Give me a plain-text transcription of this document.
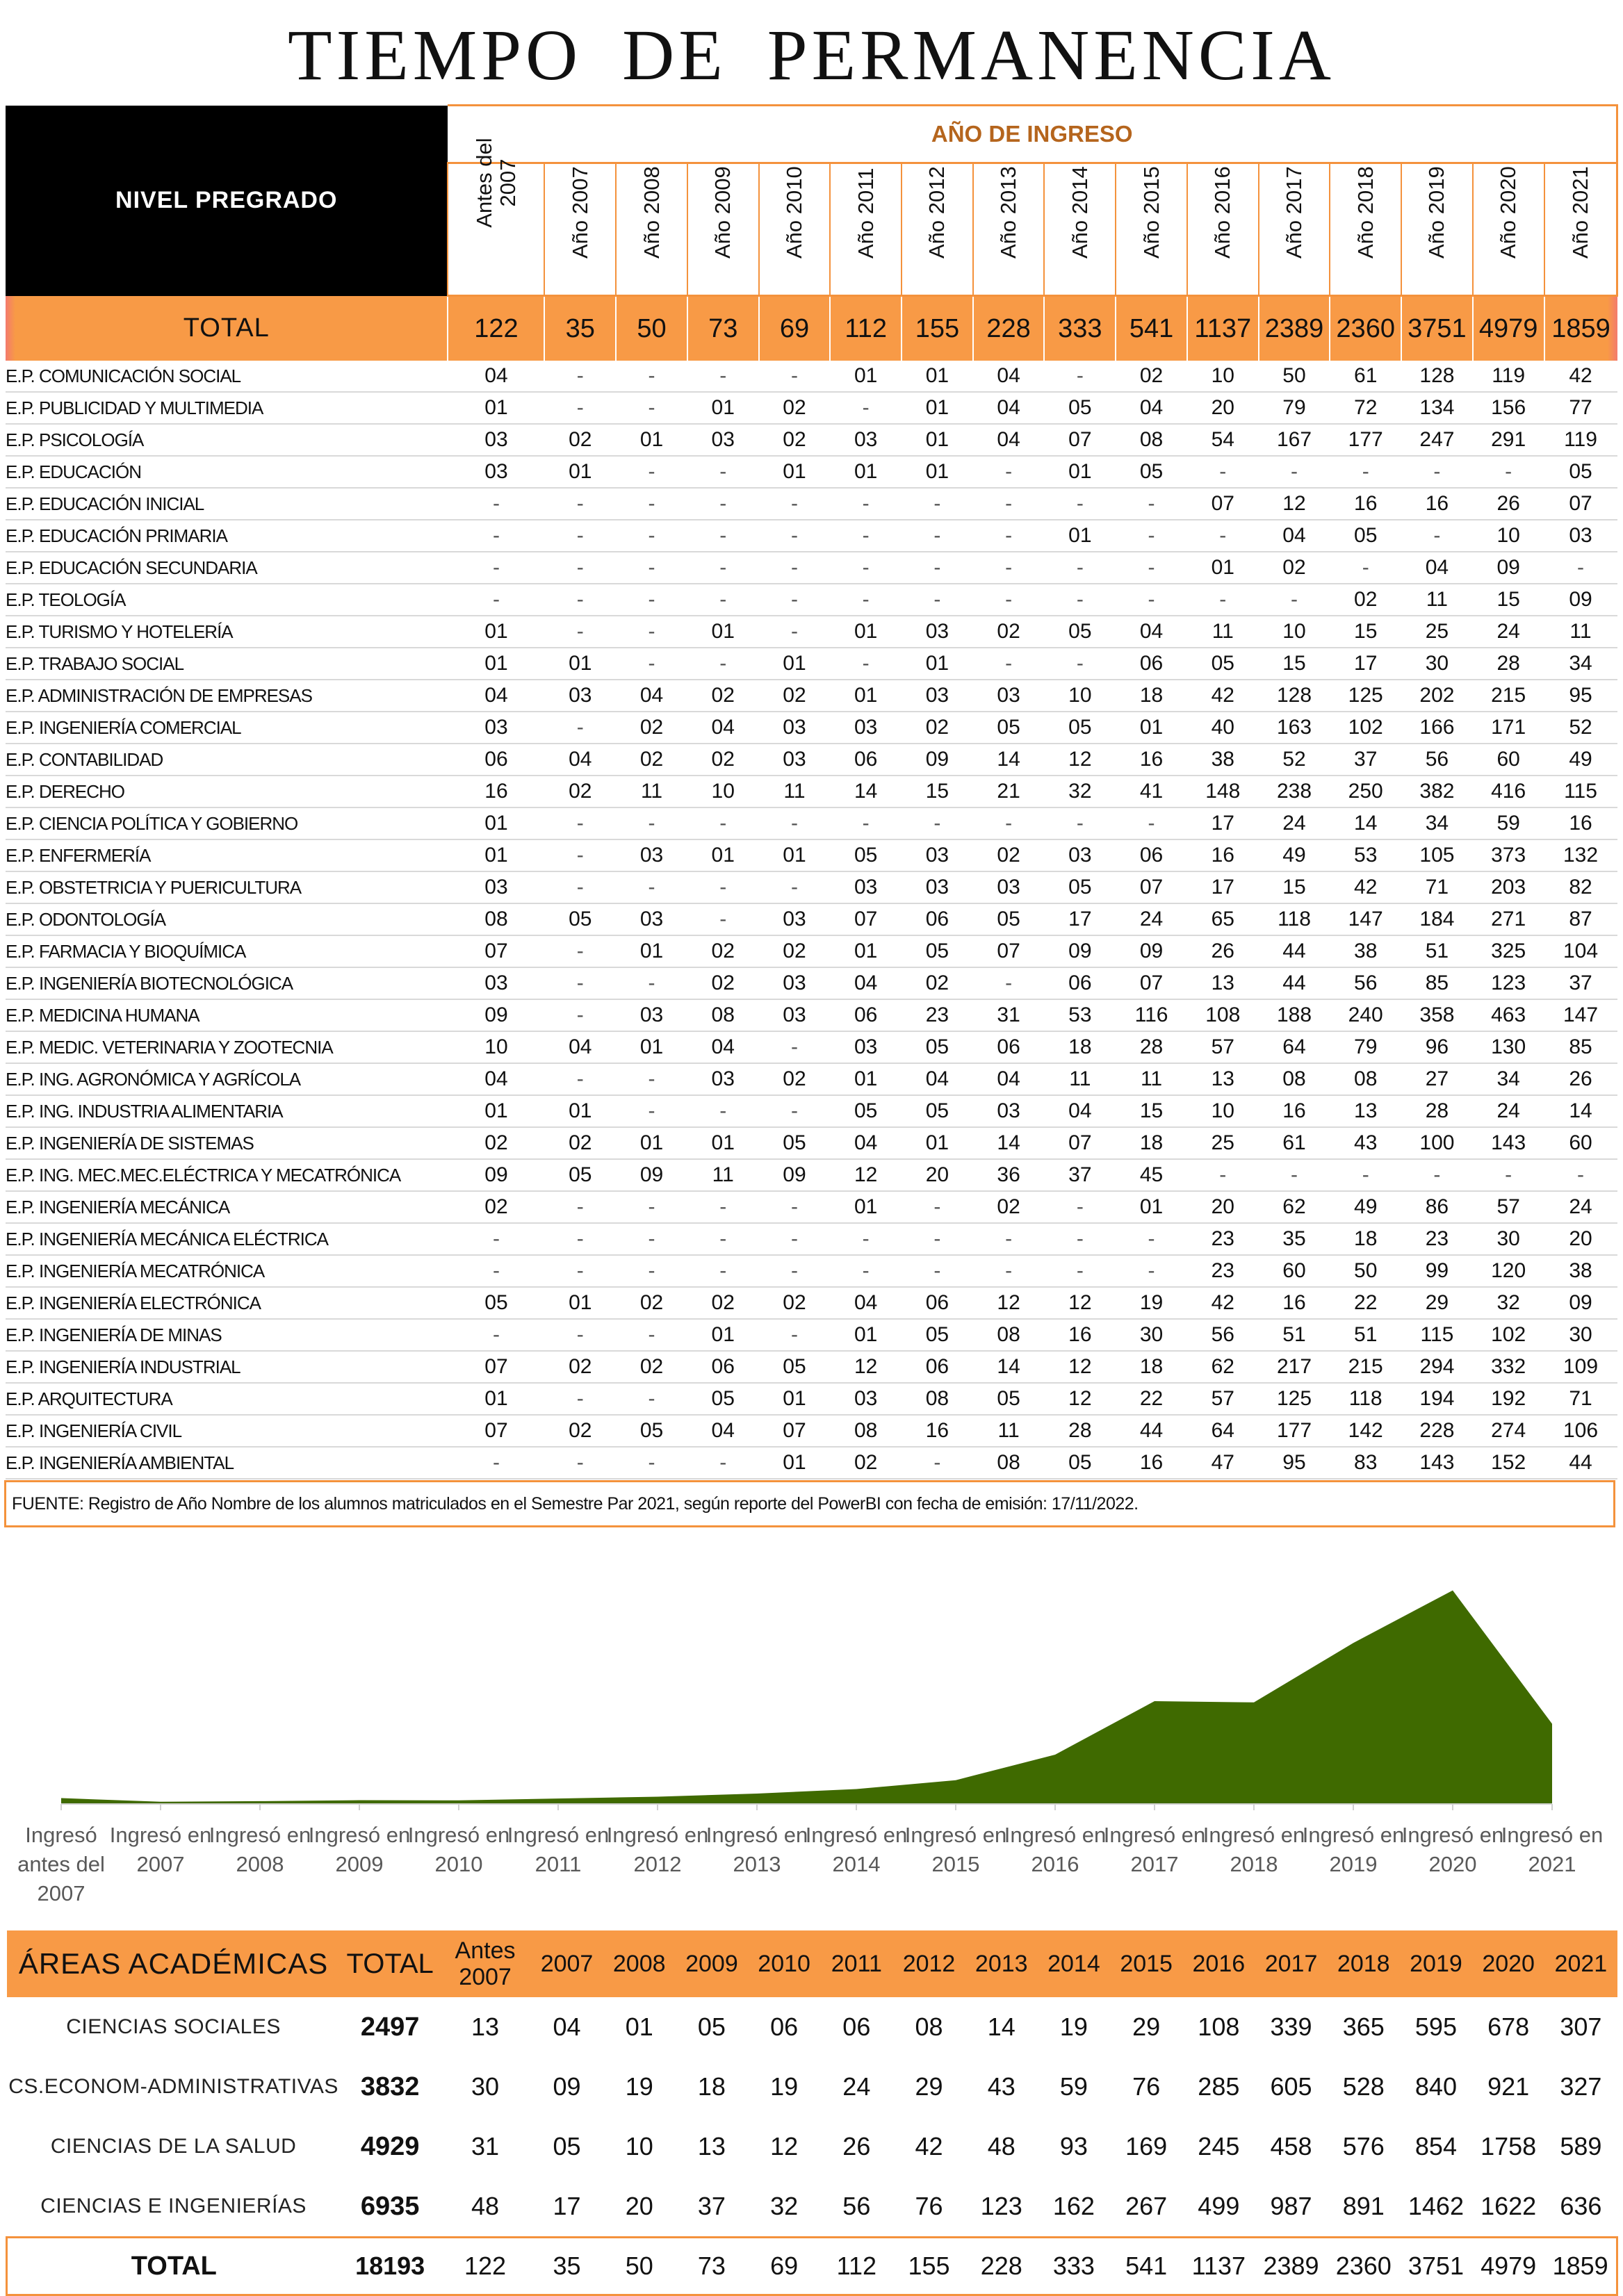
TIEMPO DE PERMANENCIA
NIVEL PREGRADO	AÑO DE INGRESO															

	Antes del 2007	Año 2007	Año 2008	Año 2009	Año 2010	Año 2011	Año 2012	Año 2013	Año 2014	Año 2015	Año 2016	Año 2017	Año 2018	Año 2019	Año 2020	Año 2021

TOTAL	122	35	50	73	69	112	155	228	333	541	1137	2389	2360	3751	4979	1859
E.P. COMUNICACIÓN SOCIAL	04	-	-	-	-	01	01	04	-	02	10	50	61	128	119	42
E.P. PUBLICIDAD Y MULTIMEDIA	01	-	-	01	02	-	01	04	05	04	20	79	72	134	156	77
E.P. PSICOLOGÍA	03	02	01	03	02	03	01	04	07	08	54	167	177	247	291	119
E.P. EDUCACIÓN	03	01	-	-	01	01	01	-	01	05	-	-	-	-	-	05
E.P. EDUCACIÓN INICIAL	-	-	-	-	-	-	-	-	-	-	07	12	16	16	26	07
E.P. EDUCACIÓN PRIMARIA	-	-	-	-	-	-	-	-	01	-	-	04	05	-	10	03
E.P. EDUCACIÓN SECUNDARIA	-	-	-	-	-	-	-	-	-	-	01	02	-	04	09	-
E.P. TEOLOGÍA	-	-	-	-	-	-	-	-	-	-	-	-	02	11	15	09
E.P. TURISMO Y HOTELERÍA	01	-	-	01	-	01	03	02	05	04	11	10	15	25	24	11
E.P. TRABAJO SOCIAL	01	01	-	-	01	-	01	-	-	06	05	15	17	30	28	34
E.P. ADMINISTRACIÓN DE EMPRESAS	04	03	04	02	02	01	03	03	10	18	42	128	125	202	215	95
E.P. INGENIERÍA COMERCIAL	03	-	02	04	03	03	02	05	05	01	40	163	102	166	171	52
E.P. CONTABILIDAD	06	04	02	02	03	06	09	14	12	16	38	52	37	56	60	49
E.P. DERECHO	16	02	11	10	11	14	15	21	32	41	148	238	250	382	416	115
E.P. CIENCIA POLÍTICA Y GOBIERNO	01	-	-	-	-	-	-	-	-	-	17	24	14	34	59	16
E.P. ENFERMERÍA	01	-	03	01	01	05	03	02	03	06	16	49	53	105	373	132
E.P. OBSTETRICIA Y PUERICULTURA	03	-	-	-	-	03	03	03	05	07	17	15	42	71	203	82
E.P. ODONTOLOGÍA	08	05	03	-	03	07	06	05	17	24	65	118	147	184	271	87
E.P. FARMACIA Y BIOQUÍMICA	07	-	01	02	02	01	05	07	09	09	26	44	38	51	325	104
E.P. INGENIERÍA BIOTECNOLÓGICA	03	-	-	02	03	04	02	-	06	07	13	44	56	85	123	37
E.P. MEDICINA HUMANA	09	-	03	08	03	06	23	31	53	116	108	188	240	358	463	147
E.P. MEDIC. VETERINARIA Y ZOOTECNIA	10	04	01	04	-	03	05	06	18	28	57	64	79	96	130	85
E.P. ING. AGRONÓMICA Y AGRÍCOLA	04	-	-	03	02	01	04	04	11	11	13	08	08	27	34	26
E.P. ING. INDUSTRIA ALIMENTARIA	01	01	-	-	-	05	05	03	04	15	10	16	13	28	24	14
E.P. INGENIERÍA DE SISTEMAS	02	02	01	01	05	04	01	14	07	18	25	61	43	100	143	60
E.P. ING. MEC.MEC.ELÉCTRICA Y MECATRÓNICA	09	05	09	11	09	12	20	36	37	45	-	-	-	-	-	-
E.P. INGENIERÍA MECÁNICA	02	-	-	-	-	01	-	02	-	01	20	62	49	86	57	24
E.P. INGENIERÍA MECÁNICA ELÉCTRICA	-	-	-	-	-	-	-	-	-	-	23	35	18	23	30	20
E.P. INGENIERÍA MECATRÓNICA	-	-	-	-	-	-	-	-	-	-	23	60	50	99	120	38
E.P. INGENIERÍA ELECTRÓNICA	05	01	02	02	02	04	06	12	12	19	42	16	22	29	32	09
E.P. INGENIERÍA DE MINAS	-	-	-	01	-	01	05	08	16	30	56	51	51	115	102	30
E.P. INGENIERÍA INDUSTRIAL	07	02	02	06	05	12	06	14	12	18	62	217	215	294	332	109
E.P. ARQUITECTURA	01	-	-	05	01	03	08	05	12	22	57	125	118	194	192	71
E.P. INGENIERÍA CIVIL	07	02	05	04	07	08	16	11	28	44	64	177	142	228	274	106
E.P. INGENIERÍA AMBIENTAL	-	-	-	-	01	02	-	08	05	16	47	95	83	143	152	44
FUENTE: Registro de Año Nombre de los alumnos matriculados en el Semestre Par 2021, según reporte del PowerBI con fecha de emisión: 17/11/2022.
Ingresó antes del 2007
Ingresó en 2007
Ingresó en 2008
Ingresó en 2009
Ingresó en 2010
Ingresó en 2011
Ingresó en 2012
Ingresó en 2013
Ingresó en 2014
Ingresó en 2015
Ingresó en 2016
Ingresó en 2017
Ingresó en 2018
Ingresó en 2019
Ingresó en 2020
Ingresó en 2021
ÁREAS ACADÉMICAS	TOTAL	Antes 2007	2007	2008	2009	2010	2011	2012	2013	2014	2015	2016	2017	2018	2019	2020	2021
CIENCIAS SOCIALES	2497	13	04	01	05	06	06	08	14	19	29	108	339	365	595	678	307
CS.ECONOM-ADMINISTRATIVAS	3832	30	09	19	18	19	24	29	43	59	76	285	605	528	840	921	327
CIENCIAS DE LA SALUD	4929	31	05	10	13	12	26	42	48	93	169	245	458	576	854	1758	589
CIENCIAS E INGENIERÍAS	6935	48	17	20	37	32	56	76	123	162	267	499	987	891	1462	1622	636
TOTAL	18193	122	35	50	73	69	112	155	228	333	541	1137	2389	2360	3751	4979	1859
